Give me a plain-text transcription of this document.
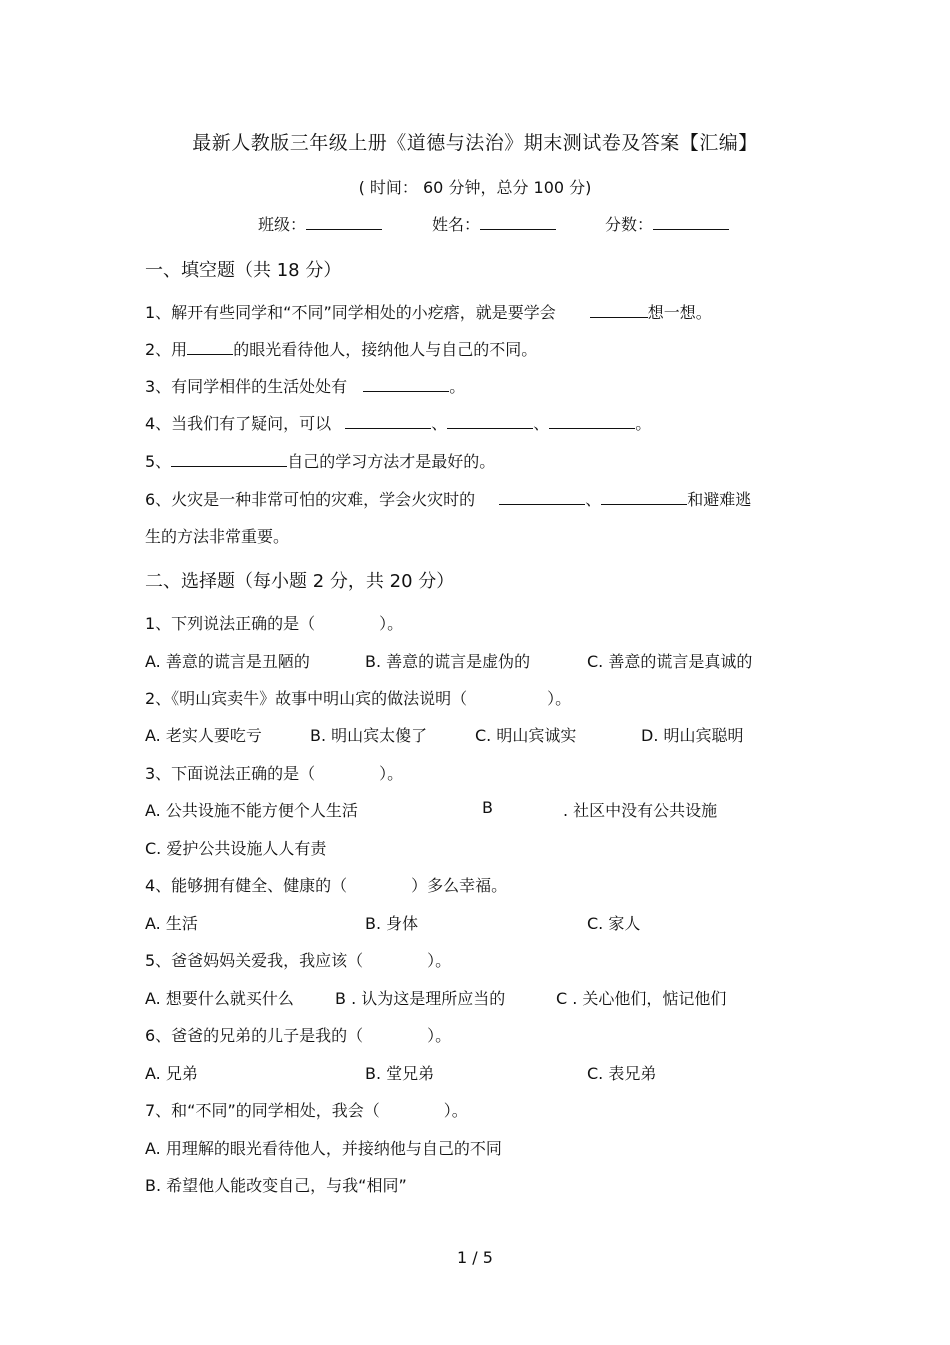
最新人教版三年级上册《道德与法治》期末测试卷及答案【汇编】
( 时间： 60 分钟，总分 100 分)
班级：	姓名：	分数：
一、填空题（共 18 分）
1、解开有些同学和“不同”同学相处的小疙瘩，就是要学会	想一想。
2、用	的眼光看待他人，接纳他人与自己的不同。
3、有同学相伴的生活处处有	。
4、当我们有了疑问，可以	、	、	。
5、	自己的学习方法才是最好的。
6、火灾是一种非常可怕的灾难，学会火灾时的	、	和避难逃
生的方法非常重要。
二、选择题（每小题 2 分，共 20 分）
1、下列说法正确的是（　　　　）。
A. 善意的谎言是丑陋的	B. 善意的谎言是虚伪的	C. 善意的谎言是真诚的
2、《明山宾卖牛》故事中明山宾的做法说明（　　　　　）。
A. 老实人要吃亏	B. 明山宾太傻了	C. 明山宾诚实	D. 明山宾聪明
3、下面说法正确的是（　　　　）。
A. 公共设施不能方便个人生活	B	. 社区中没有公共设施
C. 爱护公共设施人人有责
4、能够拥有健全、健康的（　　　　）多么幸福。
A. 生活	B. 身体	C. 家人
5、爸爸妈妈关爱我，我应该（　　　　）。
A. 想要什么就买什么	B . 认为这是理所应当的	C . 关心他们，惦记他们
6、爸爸的兄弟的儿子是我的（　　　　）。
A. 兄弟	B. 堂兄弟	C. 表兄弟
7、和“不同”的同学相处，我会（　　　　）。
A. 用理解的眼光看待他人，并接纳他与自己的不同
B. 希望他人能改变自己，与我“相同”
1 / 5
